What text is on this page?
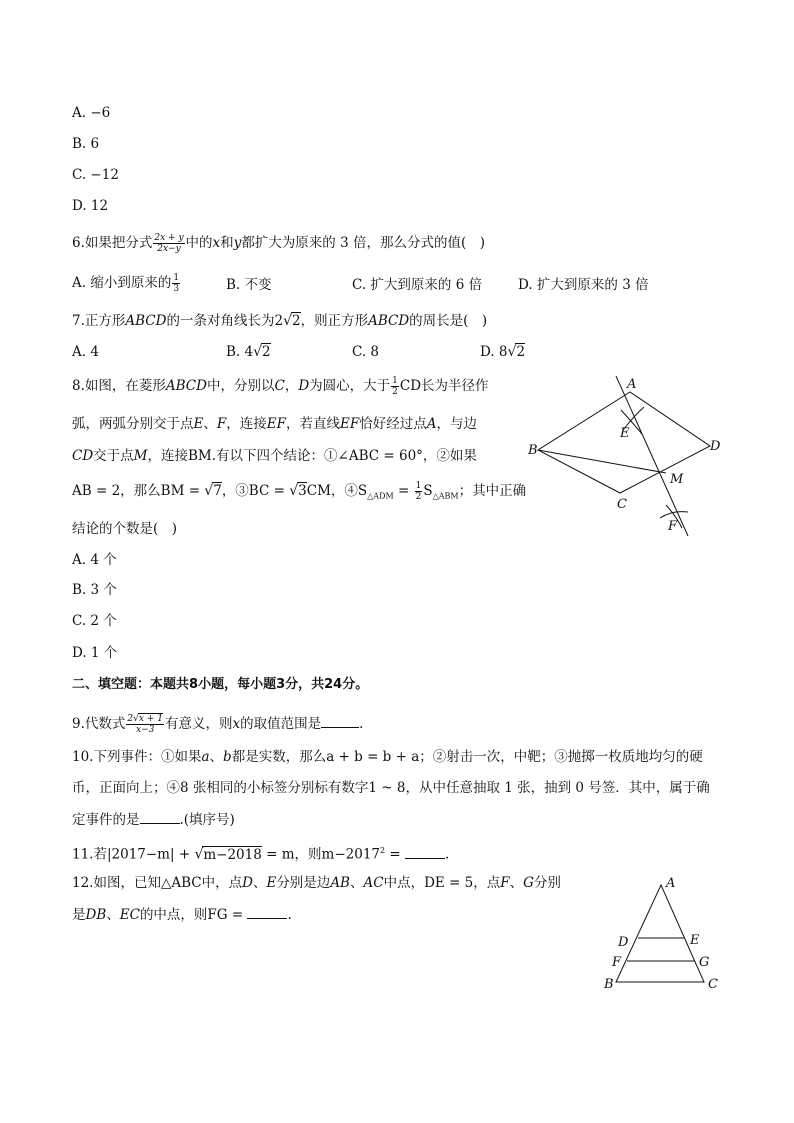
A. −6
B. 6
C. −12
D. 12
6.如果把分式 $\frac{2x + y}{2x-y}$ 中的x和y都扩大为原来的 3 倍，那么分式的值(　)
A. 缩小到原来的 $\frac{1}{3}$	B. 不变	C. 扩大到原来的 6 倍	D. 扩大到原来的 3 倍
7.正方形ABCD的一条对角线长为2√2，则正方形ABCD的周长是(　)
A. 4	B. 4√2	C. 8	D. 8√2
8.如图，在菱形ABCD中，分别以C，D为圆心，大于 $\frac{1}{2}$ CD长为半径作
弧，两弧分别交于点E、F，连接EF，若直线EF恰好经过点A，与边
CD交于点M，连接BM.有以下四个结论：①∠ABC = 60°，②如果
AB = 2，那么BM = √7，③BC = √3CM，$④S_{\triangle ADM} = \frac{1}{2} S_{\triangle ABM}$；其中正确
结论的个数是(　)
A. 4 个
B. 3 个
C. 2 个
D. 1 个
A
B
C
D
E
F
M
二、填空题：本题共8小题，每小题3分，共24分。
9.代数式 $\frac{2√x + 1}{x-3}$ 有意义，则x的取值范围是	.
10.下列事件：①如果a、b都是实数，那么a + b = b + a；②射击一次，中靶；③抛掷一枚质地均匀的硬
币，正面向上；④8 张相同的小标签分别标有数字1 ~ 8，从中任意抽取 1 张，抽到 0 号签．其中，属于确
定事件的是	.(填序号)
11.若|2017−m| + √m−2018 = m，则$m-2017^2$ =	.
12.如图，已知△ABC中，点D、E分别是边AB、AC中点，DE = 5，点F、G分别
是DB、EC的中点，则FG =	.
A
B	C
D	E
F	G
